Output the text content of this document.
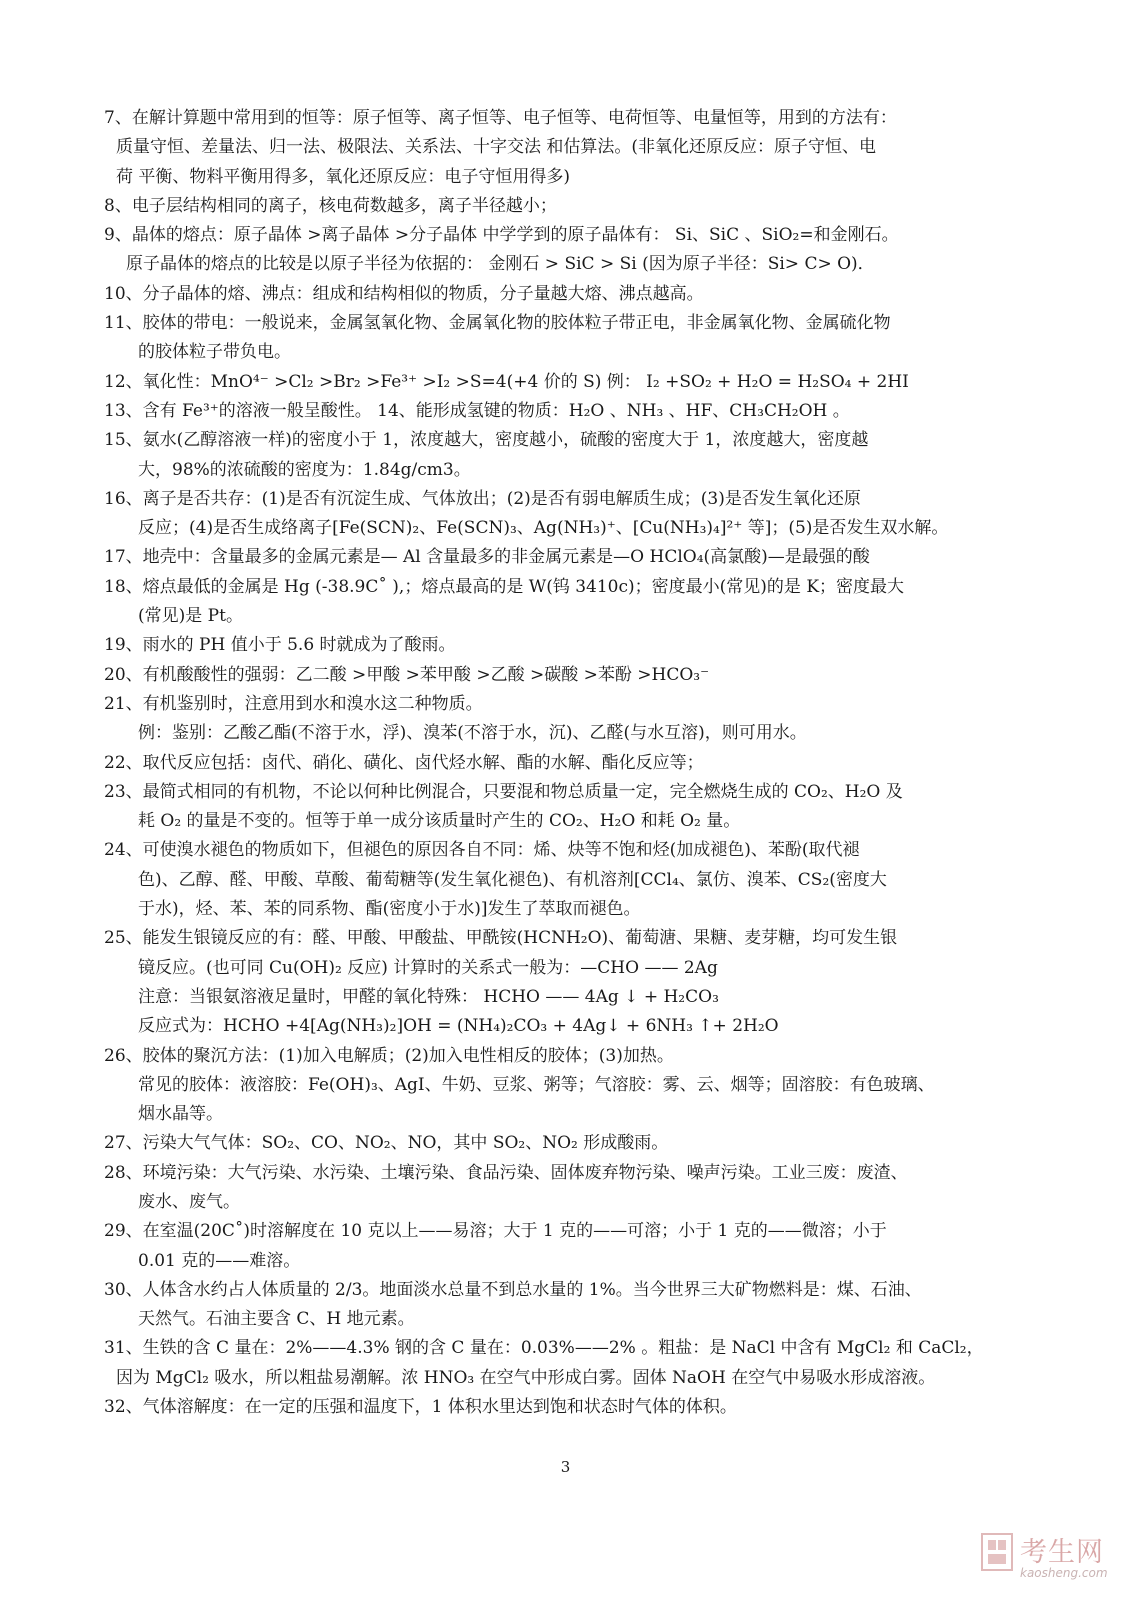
7、在解计算题中常用到的恒等：原子恒等、离子恒等、电子恒等、电荷恒等、电量恒等，用到的方法有：
质量守恒、差量法、归一法、极限法、关系法、十字交法 和估算法。(非氧化还原反应：原子守恒、电
荷 平衡、物料平衡用得多，氧化还原反应：电子守恒用得多)
8、电子层结构相同的离子，核电荷数越多，离子半径越小；
9、晶体的熔点：原子晶体 >离子晶体 >分子晶体 中学学到的原子晶体有： Si、SiC 、SiO₂=和金刚石。
原子晶体的熔点的比较是以原子半径为依据的： 金刚石 > SiC > Si (因为原子半径：Si> C> O)．
10、分子晶体的熔、沸点：组成和结构相似的物质，分子量越大熔、沸点越高。
11、胶体的带电：一般说来，金属氢氧化物、金属氧化物的胶体粒子带正电，非金属氧化物、金属硫化物
的胶体粒子带负电。
12、氧化性：MnO⁴⁻ >Cl₂ >Br₂ >Fe³⁺ >I₂ >S=4(+4 价的 S) 例： I₂ +SO₂ + H₂O = H₂SO₄ + 2HI
13、含有 Fe³⁺的溶液一般呈酸性。 14、能形成氢键的物质：H₂O 、NH₃ 、HF、CH₃CH₂OH 。
15、氨水(乙醇溶液一样)的密度小于 1，浓度越大，密度越小，硫酸的密度大于 1，浓度越大，密度越
大，98%的浓硫酸的密度为：1.84g/cm3。
16、离子是否共存：(1)是否有沉淀生成、气体放出；(2)是否有弱电解质生成；(3)是否发生氧化还原
反应；(4)是否生成络离子[Fe(SCN)₂、Fe(SCN)₃、Ag(NH₃)⁺、[Cu(NH₃)₄]²⁺ 等]；(5)是否发生双水解。
17、地壳中：含量最多的金属元素是— Al 含量最多的非金属元素是—O HClO₄(高氯酸)—是最强的酸
18、熔点最低的金属是 Hg (-38.9C˚ ),；熔点最高的是 W(钨 3410c)；密度最小(常见)的是 K；密度最大
(常见)是 Pt。
19、雨水的 PH 值小于 5.6 时就成为了酸雨。
20、有机酸酸性的强弱：乙二酸 >甲酸 >苯甲酸 >乙酸 >碳酸 >苯酚 >HCO₃⁻
21、有机鉴别时，注意用到水和溴水这二种物质。
例：鉴别：乙酸乙酯(不溶于水，浮)、溴苯(不溶于水，沉)、乙醛(与水互溶)，则可用水。
22、取代反应包括：卤代、硝化、磺化、卤代烃水解、酯的水解、酯化反应等；
23、最简式相同的有机物，不论以何种比例混合，只要混和物总质量一定，完全燃烧生成的 CO₂、H₂O 及
耗 O₂ 的量是不变的。恒等于单一成分该质量时产生的 CO₂、H₂O 和耗 O₂ 量。
24、可使溴水褪色的物质如下，但褪色的原因各自不同：烯、炔等不饱和烃(加成褪色)、苯酚(取代褪
色)、乙醇、醛、甲酸、草酸、葡萄糖等(发生氧化褪色)、有机溶剂[CCl₄、氯仿、溴苯、CS₂(密度大
于水)，烃、苯、苯的同系物、酯(密度小于水)]发生了萃取而褪色。
25、能发生银镜反应的有：醛、甲酸、甲酸盐、甲酰铵(HCNH₂O)、葡萄溏、果糖、麦芽糖，均可发生银
镜反应。(也可同 Cu(OH)₂ 反应) 计算时的关系式一般为：—CHO —— 2Ag
注意：当银氨溶液足量时，甲醛的氧化特殊： HCHO —— 4Ag ↓ + H₂CO₃
反应式为：HCHO +4[Ag(NH₃)₂]OH = (NH₄)₂CO₃ + 4Ag↓ + 6NH₃ ↑+ 2H₂O
26、胶体的聚沉方法：(1)加入电解质；(2)加入电性相反的胶体；(3)加热。
常见的胶体：液溶胶：Fe(OH)₃、AgI、牛奶、豆浆、粥等；气溶胶：雾、云、烟等；固溶胶：有色玻璃、
烟水晶等。
27、污染大气气体：SO₂、CO、NO₂、NO，其中 SO₂、NO₂ 形成酸雨。
28、环境污染：大气污染、水污染、土壤污染、食品污染、固体废弃物污染、噪声污染。工业三废：废渣、
废水、废气。
29、在室温(20C˚)时溶解度在 10 克以上——易溶；大于 1 克的——可溶；小于 1 克的——微溶；小于
0.01 克的——难溶。
30、人体含水约占人体质量的 2/3。地面淡水总量不到总水量的 1%。当今世界三大矿物燃料是：煤、石油、
天然气。石油主要含 C、H 地元素。
31、生铁的含 C 量在：2%——4.3% 钢的含 C 量在：0.03%——2% 。粗盐：是 NaCl 中含有 MgCl₂ 和 CaCl₂，
因为 MgCl₂ 吸水，所以粗盐易潮解。浓 HNO₃ 在空气中形成白雾。固体 NaOH 在空气中易吸水形成溶液。
32、气体溶解度：在一定的压强和温度下，1 体积水里达到饱和状态时气体的体积。
3
考生网
kaosheng.com
